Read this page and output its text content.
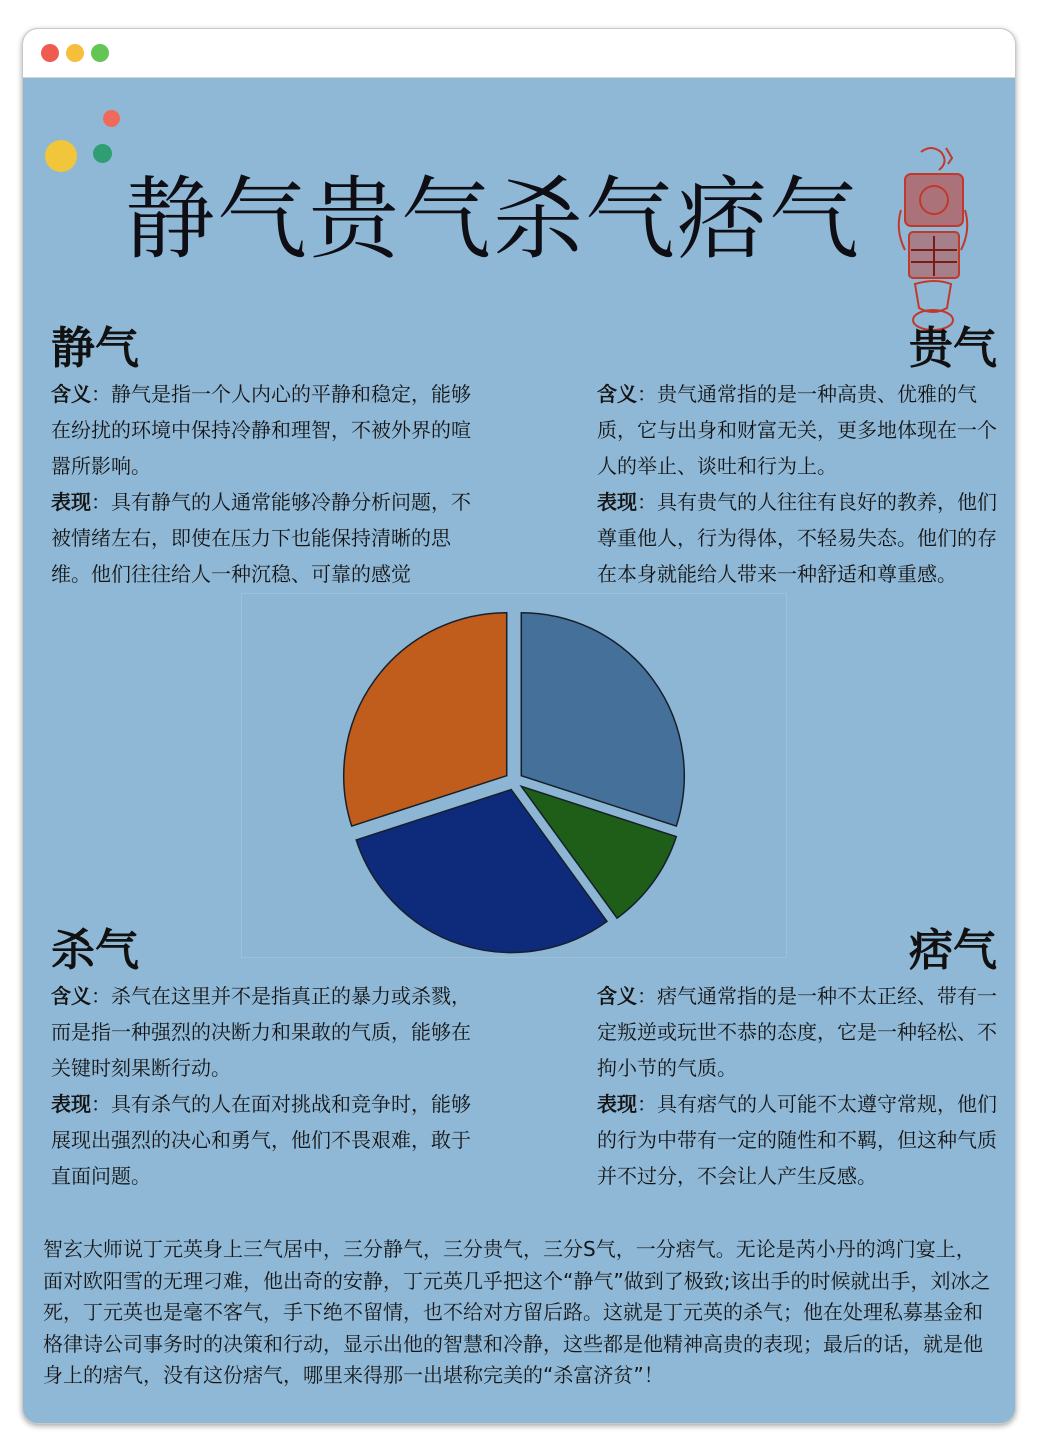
静气贵气杀气痞气
静气

含义：静气是指一个人内心的平静和稳定，能够在纷扰的环境中保持冷静和理智，不被外界的喧嚣所影响。

表现：具有静气的人通常能够冷静分析问题，不被情绪左右，即使在压力下也能保持清晰的思维。他们往往给人一种沉稳、可靠的感觉

贵气

含义：贵气通常指的是一种高贵、优雅的气质，它与出身和财富无关，更多地体现在一个人的举止、谈吐和行为上。

表现：具有贵气的人往往有良好的教养，他们尊重他人，行为得体，不轻易失态。他们的存在本身就能给人带来一种舒适和尊重感。

杀气

含义：杀气在这里并不是指真正的暴力或杀戮，而是指一种强烈的决断力和果敢的气质，能够在关键时刻果断行动。

表现：具有杀气的人在面对挑战和竞争时，能够展现出强烈的决心和勇气，他们不畏艰难，敢于直面问题。

痞气

含义：痞气通常指的是一种不太正经、带有一定叛逆或玩世不恭的态度，它是一种轻松、不拘小节的气质。

表现：具有痞气的人可能不太遵守常规，他们的行为中带有一定的随性和不羁，但这种气质并不过分，不会让人产生反感。

智玄大师说丁元英身上三气居中，三分静气，三分贵气，三分S气，一分痞气。无论是芮小丹的鸿门宴上，面对欧阳雪的无理刁难，他出奇的安静，丁元英几乎把这个“静气”做到了极致;该出手的时候就出手，刘冰之死，丁元英也是毫不客气，手下绝不留情，也不给对方留后路。这就是丁元英的杀气；他在处理私募基金和格律诗公司事务时的决策和行动，显示出他的智慧和冷静，这些都是他精神高贵的表现；最后的话，就是他身上的痞气，没有这份痞气，哪里来得那一出堪称完美的“杀富济贫”！
